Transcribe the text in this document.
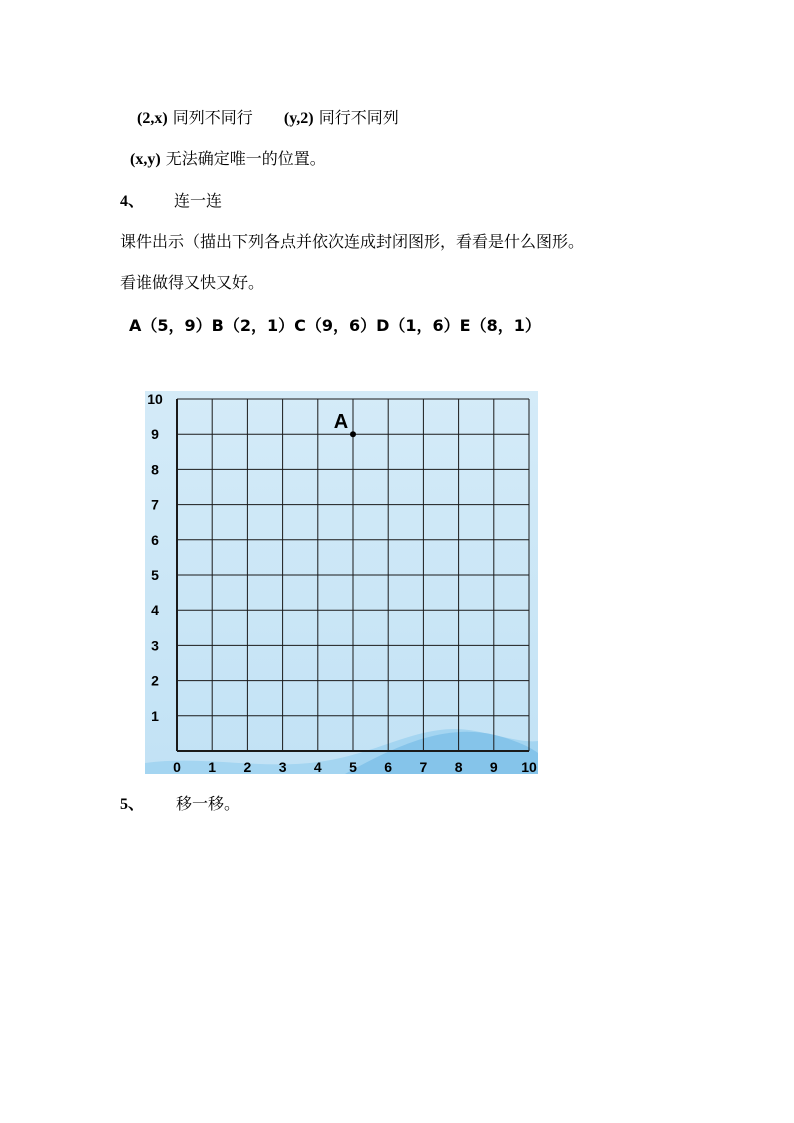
(2,x) 同列不同行 (y,2) 同行不同列
(x,y) 无法确定唯一的位置。
4、 连一连
课件出示（描出下列各点并依次连成封闭图形，看看是什么图形。
看谁做得又快又好。
A（5，9）B（2，1）C（9，6）D（1，6）E（8，1）
0 1 2 3 4 5 6 7 8 9 10
1
2
3
4
5
6
7
8
9
10
A
5、 移一移。
